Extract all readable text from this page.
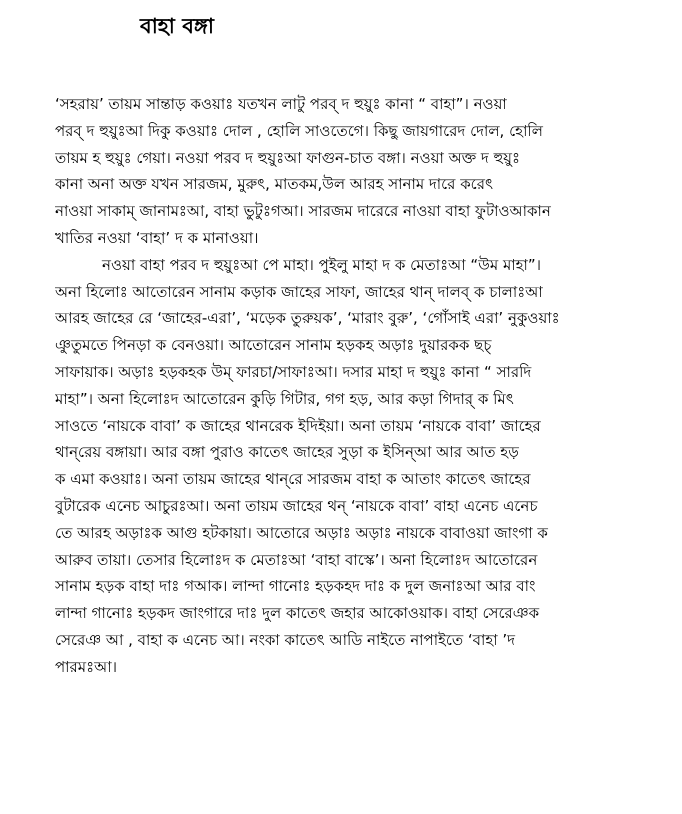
বাহা বঙ্গা
‘সহরায়’ তায়ম সান্তাড় কওয়াঃ যতখন লাটু পরব্‌ দ হুয়ুঃ কানা “ বাহা”। নওয়া
পরব্‌ দ হুয়ুঃআ দিকু কওয়াঃ দোল , হোলি সাওতেগে। কিছু জায়গারেদ দোল, হোলি
তায়ম হ হুয়ুঃ গেয়া। নওয়া পরব দ হুয়ুঃআ ফাগুন-চাত বঙ্গা। নওয়া অক্ত দ হুয়ুঃ
কানা অনা অক্ত যখন সারজম, মুরুৎ, মাতকম,উল আরহ সানাম দারে করেৎ
নাওয়া সাকাম্‌ জানামঃআ, বাহা ভুটুঃগআ। সারজম দারেরে নাওয়া বাহা ফুটাওআকান
খাতির নওয়া ‘বাহা’ দ ক মানাওয়া।
নওয়া বাহা পরব দ হুয়ুঃআ পে মাহা। পুইলু মাহা দ ক মেতাঃআ “উম মাহা”।
অনা হিলোঃ আতোরেন সানাম কড়াক জাহের সাফা, জাহের থান্‌ দালব্‌ ক চালাঃআ
আরহ জাহের রে ‘জাহের-এরা’, ‘মড়েক তুরুয়ক’, ‘মারাং বুরু’, ‘গোঁসাই এরা’ নুকুওয়াঃ
ঞুতুমতে পিনড়া ক বেনওয়া। আতোরেন সানাম হড়কহ অড়াঃ দুয়ারকক ছচ্‌
সাফায়াক। অড়াঃ হড়কহক উম্‌ ফারচা/সাফাঃআ। দসার মাহা দ হুয়ুঃ কানা “ সারদি
মাহা”। অনা হিলোঃদ আতোরেন কুড়ি গিটার, গগ হড়, আর কড়া গিদার্‌ ক মিৎ
সাওতে ‘নায়কে বাবা’ ক জাহের থানরেক ইদিইয়া। অনা তায়ম ‘নায়কে বাবা’ জাহের
থান্‌রেয় বঙ্গায়া। আর বঙ্গা পুরাও কাতেৎ জাহের সুড়া ক ইসিন্‌আ আর আত হড়
ক এমা কওয়াঃ। অনা তায়ম জাহের থান্‌রে সারজম বাহা ক আতাং কাতেৎ জাহের
বুটারেক এনেচ আচুরঃআ। অনা তায়ম জাহের থন্‌ ‘নায়কে বাবা’ বাহা এনেচ এনেচ
তে আরহ অড়াঃক আগু হটকায়া। আতোরে অড়াঃ অড়াঃ নায়কে বাবাওয়া জাংগা ক
আরুব তায়া। তেসার হিলোঃদ ক মেতাঃআ ‘বাহা বাস্কে’। অনা হিলোঃদ আতোরেন
সানাম হড়ক বাহা দাঃ গআক। লান্দা গানোঃ হড়কহদ দাঃ ক দুল জনাঃআ আর বাং
লান্দা গানোঃ হড়কদ জাংগারে দাঃ দুল কাতেৎ জহার আকোওয়াক। বাহা সেরেঞক
সেরেঞ আ , বাহা ক এনেচ আ। নংকা কাতেৎ আডি নাইতে নাপাইতে ‘বাহা ’দ
পারমঃআ।
